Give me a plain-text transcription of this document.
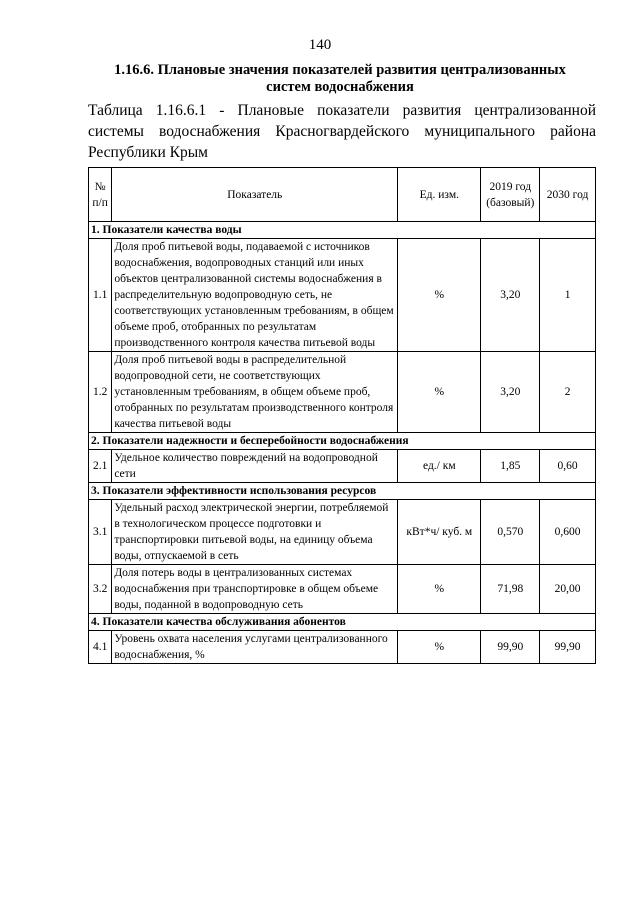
140
1.16.6. Плановые значения показателей развития централизованных
систем водоснабжения
Таблица 1.16.6.1 - Плановые показатели развития централизованной системы водоснабжения Красногвардейского муниципального района Республики Крым
№ п/п	Показатель	Ед. изм.	2019 год (базовый)	2030 год
1. Показатели качества воды				
1.1	Доля проб питьевой воды, подаваемой с источников водоснабжения, водопроводных станций или иных объектов централизованной системы водоснабжения в распределительную водопроводную сеть, не соответствующих установленным требованиям, в общем объеме проб, отобранных по результатам производственного контроля качества питьевой воды	%	3,20	1
1.2	Доля проб питьевой воды в распределительной водопроводной сети, не соответствующих установленным требованиям, в общем объеме проб, отобранных по результатам производственного контроля качества питьевой воды	%	3,20	2
2. Показатели надежности и бесперебойности водоснабжения				
2.1	Удельное количество повреждений на водопроводной сети	ед./ км	1,85	0,60
3. Показатели эффективности использования ресурсов				
3.1	Удельный расход электрической энергии, потребляемой в технологическом процессе подготовки и транспортировки питьевой воды, на единицу объема воды, отпускаемой в сеть	кВт*ч/ куб. м	0,570	0,600
3.2	Доля потерь воды в централизованных системах водоснабжения при транспортировке в общем объеме воды, поданной в водопроводную сеть	%	71,98	20,00
4. Показатели качества обслуживания абонентов				
4.1	Уровень охвата населения услугами централизованного водоснабжения, %	%	99,90	99,90
